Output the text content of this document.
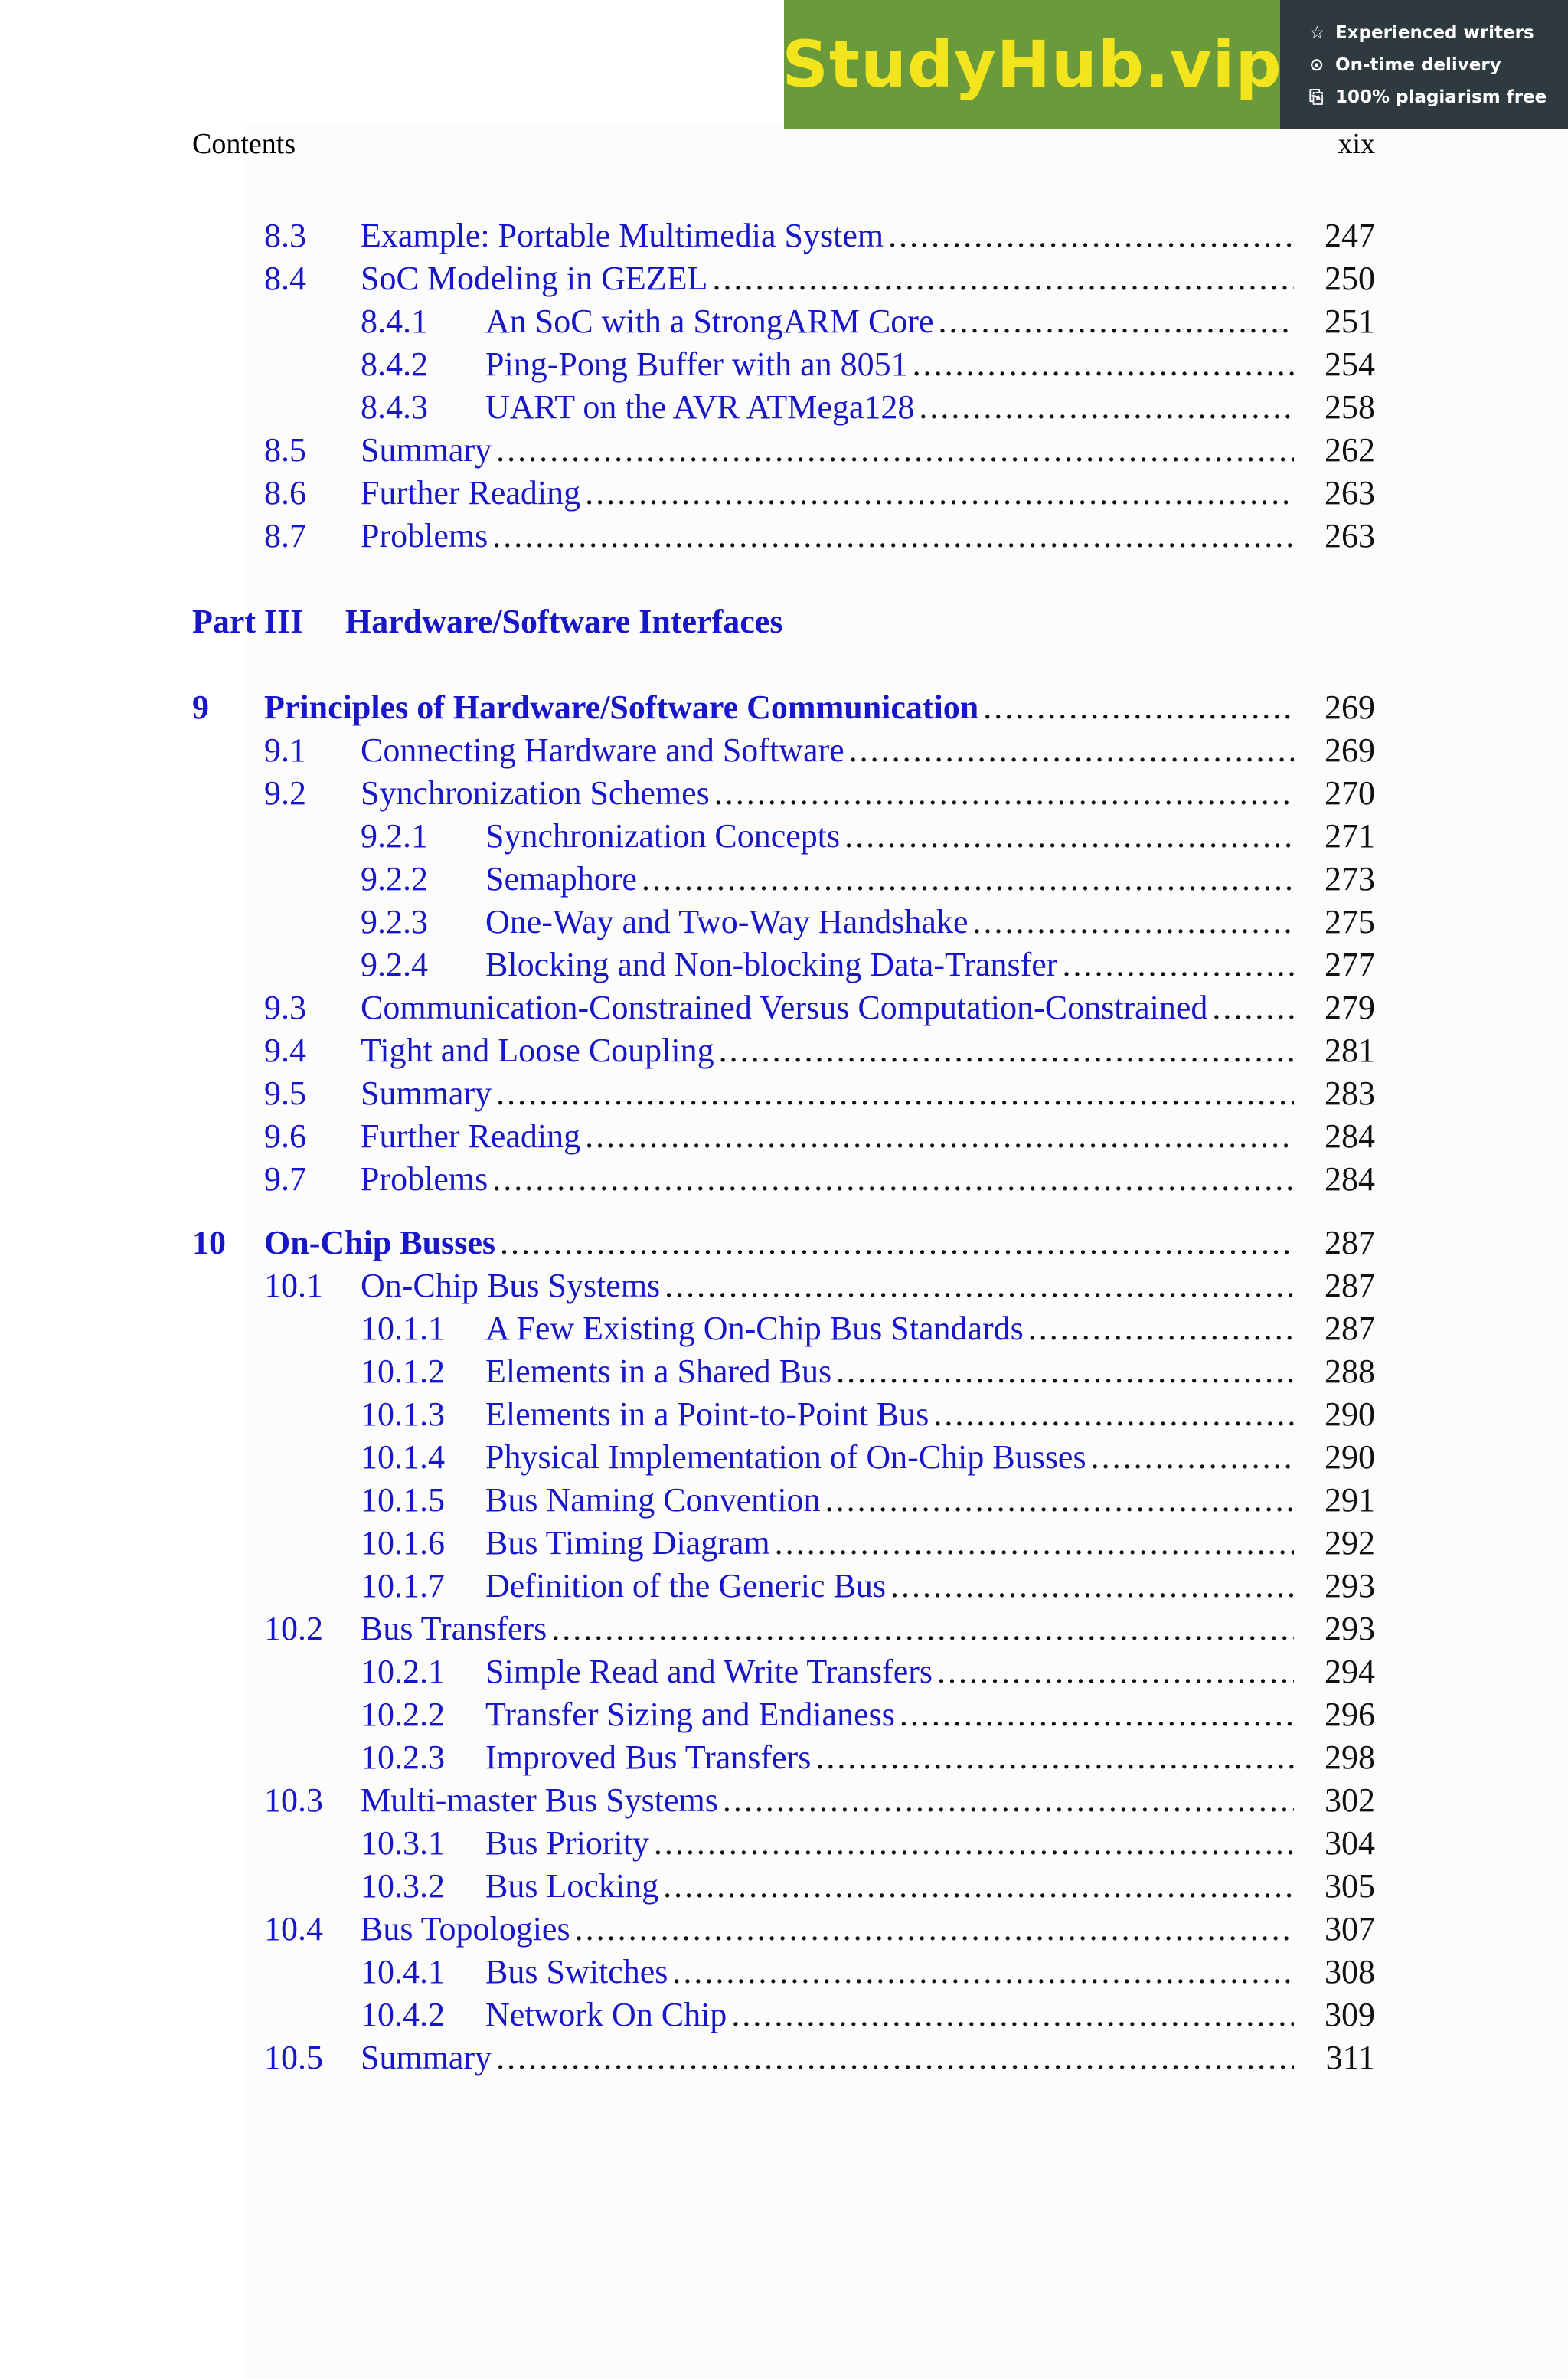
StudyHub.vip ☆ Experienced writers
⊙ On-time delivery
⎘ 100% plagiarism free
Contents	xix
8.3 Example: Portable Multimedia System .....	247
8.4 SoC Modeling in GEZEL .....	250
8.4.1 An SoC with a StrongARM Core .....	251
8.4.2 Ping-Pong Buffer with an 8051 .....	254
8.4.3 UART on the AVR ATMega128 .....	258
8.5 Summary .....	262
8.6 Further Reading .....	263
8.7 Problems .....	263
Part III Hardware/Software Interfaces
9 Principles of Hardware/Software Communication .....	269
9.1 Connecting Hardware and Software .....	269
9.2 Synchronization Schemes .....	270
9.2.1 Synchronization Concepts .....	271
9.2.2 Semaphore .....	273
9.2.3 One-Way and Two-Way Handshake .....	275
9.2.4 Blocking and Non-blocking Data-Transfer .....	277
9.3 Communication-Constrained Versus Computation-Constrained .....	279
9.4 Tight and Loose Coupling .....	281
9.5 Summary .....	283
9.6 Further Reading .....	284
9.7 Problems .....	284
10 On-Chip Busses .....	287
10.1 On-Chip Bus Systems .....	287
10.1.1 A Few Existing On-Chip Bus Standards .....	287
10.1.2 Elements in a Shared Bus .....	288
10.1.3 Elements in a Point-to-Point Bus .....	290
10.1.4 Physical Implementation of On-Chip Busses .....	290
10.1.5 Bus Naming Convention .....	291
10.1.6 Bus Timing Diagram .....	292
10.1.7 Definition of the Generic Bus .....	293
10.2 Bus Transfers .....	293
10.2.1 Simple Read and Write Transfers .....	294
10.2.2 Transfer Sizing and Endianess .....	296
10.2.3 Improved Bus Transfers .....	298
10.3 Multi-master Bus Systems .....	302
10.3.1 Bus Priority .....	304
10.3.2 Bus Locking .....	305
10.4 Bus Topologies .....	307
10.4.1 Bus Switches .....	308
10.4.2 Network On Chip .....	309
10.5 Summary .....	311
